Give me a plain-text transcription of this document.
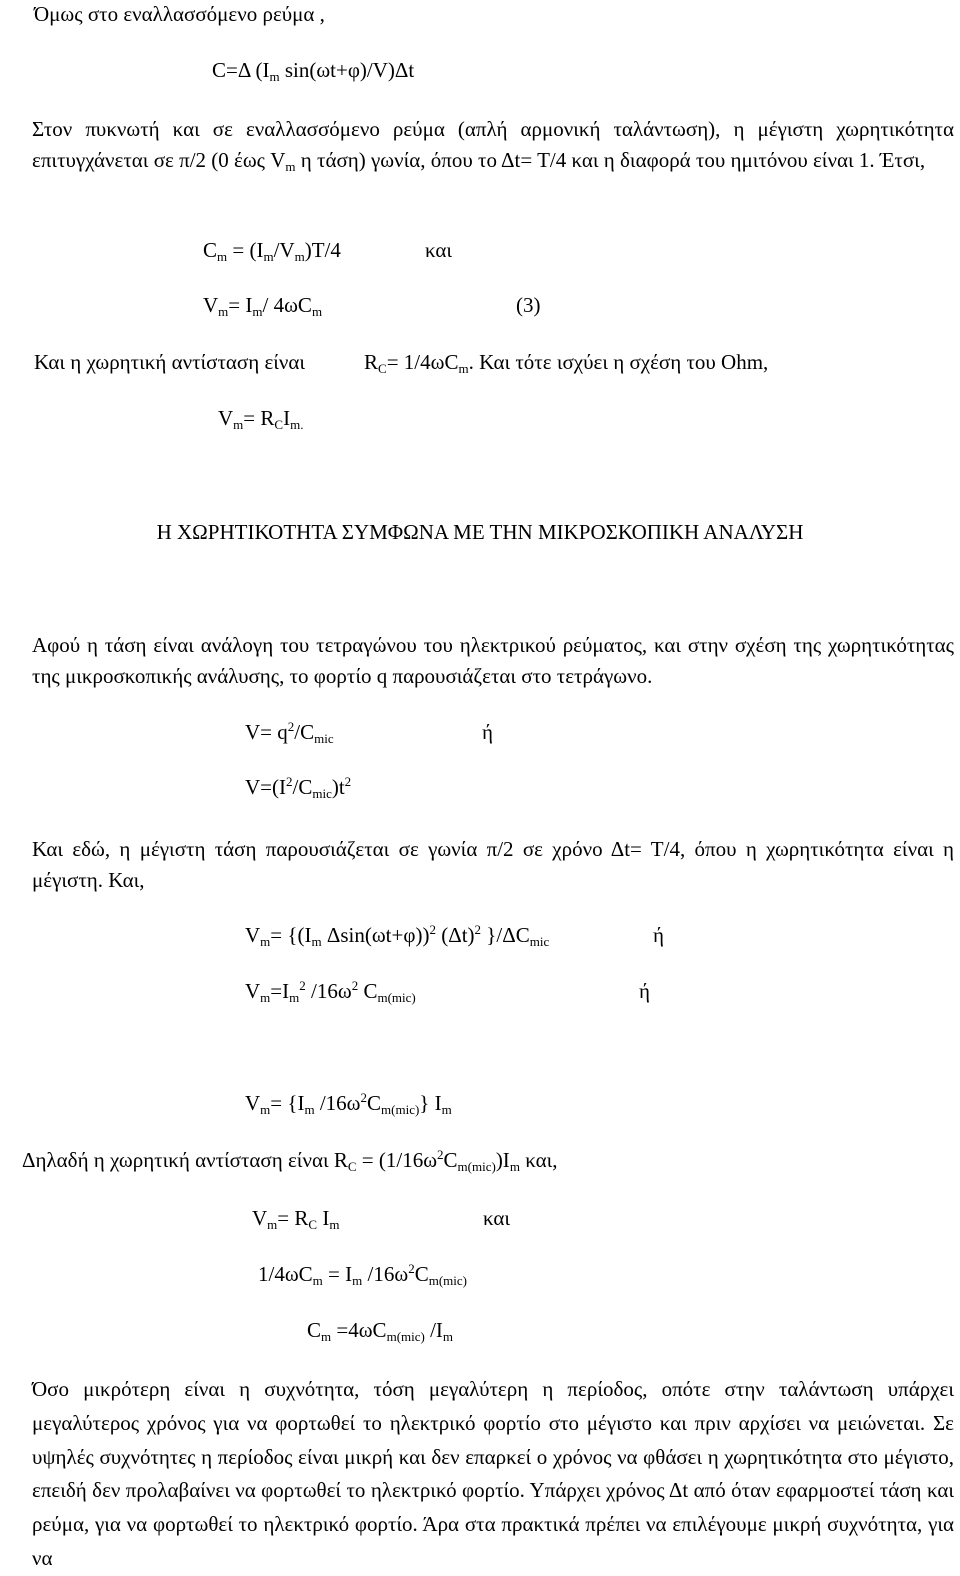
Όμως στο εναλλασσόμενο ρεύμα ,
C=Δ ($I_m$ sin(ωt+φ)/V)Δt
Στον πυκνωτή και σε εναλλασσόμενο ρεύμα (απλή αρμονική ταλάντωση), η μέγιστη χωρητικότητα επιτυγχάνεται σε π/2 (0 έως $V_m$ η τάση) γωνία, όπου το Δt= T/4 και η διαφορά του ημιτόνου είναι 1. Έτσι,
$C_m = (I_m/V_m)T/4$	και
$V_m= I_m/$ $4\omega C_m$	(3)
Και η χωρητική αντίσταση είναι	$R_C= 1/4\omega C_m$. Και τότε ισχύει η σχέση του Ohm,
$V_m= R_CI_{m.}$
Η ΧΩΡΗΤΙΚΟΤΗΤΑ ΣΥΜΦΩΝΑ ΜΕ ΤΗΝ ΜΙΚΡΟΣΚΟΠΙΚΗ ΑΝΑΛΥΣΗ
Αφού η τάση είναι ανάλογη του τετραγώνου του ηλεκτρικού ρεύματος, και στην σχέση της χωρητικότητας της μικροσκοπικής ανάλυσης, το φορτίο q παρουσιάζεται στο τετράγωνο.
$V= q^2/C_{mic}$	ή
$V=(I^2/C_{mic})t^2$
Και εδώ, η μέγιστη τάση παρουσιάζεται σε γωνία π/2 σε χρόνο Δt= T/4, όπου η χωρητικότητα είναι η μέγιστη. Και,
$V_m= \{(I_m$ Δsin(ωt+φ))$^2$ $(\Delta t)^2$ }$/\Delta C_{mic}$	ή
$V_m=I_m^2$ $/16\omega^2$ $C_{m(mic)}$	ή
$V_m= \{I_m$ $/16\omega^2C_{m(mic)}$} $I_m$
Δηλαδή η χωρητική αντίσταση είναι $R_C = (1/16\omega^2C_{m(mic)})I_m$ και,
$V_m= R_C$ $I_m$	και
$1/4\omega C_m = I_m$ $/16\omega^2C_{m(mic)}$
$C_m =4\omega C_{m(mic)}$ $/I_m$
Όσο μικρότερη είναι η συχνότητα, τόση μεγαλύτερη η περίοδος, οπότε στην ταλάντωση υπάρχει μεγαλύτερος χρόνος για να φορτωθεί το ηλεκτρικό φορτίο στο μέγιστο και πριν αρχίσει να μειώνεται. Σε υψηλές συχνότητες η περίοδος είναι μικρή και δεν επαρκεί ο χρόνος να φθάσει η χωρητικότητα στο μέγιστο, επειδή δεν προλαβαίνει να φορτωθεί το ηλεκτρικό φορτίο. Υπάρχει χρόνος Δt από όταν εφαρμοστεί τάση και ρεύμα, για να φορτωθεί το ηλεκτρικό φορτίο. Άρα στα πρακτικά πρέπει να επιλέγουμε μικρή συχνότητα, για να
